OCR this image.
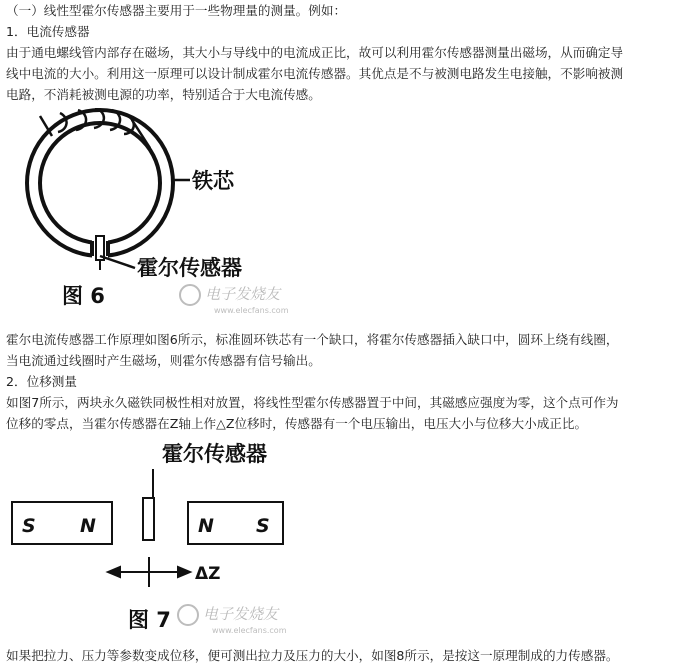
（一）线性型霍尔传感器主要用于一些物理量的测量。例如：
1．电流传感器
由于通电螺线管内部存在磁场，其大小与导线中的电流成正比，故可以利用霍尔传感器测量出磁场，从而确定导
线中电流的大小。利用这一原理可以设计制成霍尔电流传感器。其优点是不与被测电路发生电接触，不影响被测
电路，不消耗被测电源的功率，特别适合于大电流传感。
铁芯
霍尔传感器
图 6	电子发烧友
www.elecfans.com
霍尔电流传感器工作原理如图6所示，标准圆环铁芯有一个缺口，将霍尔传感器插入缺口中，圆环上绕有线圈，
当电流通过线圈时产生磁场，则霍尔传感器有信号输出。
2．位移测量
如图7所示，两块永久磁铁同极性相对放置，将线性型霍尔传感器置于中间，其磁感应强度为零，这个点可作为
位移的零点，当霍尔传感器在Z轴上作△Z位移时，传感器有一个电压输出，电压大小与位移大小成正比。
霍尔传感器
S N	N S
ΔZ
图 7 电子发烧友
www.elecfans.com
如果把拉力、压力等参数变成位移，便可测出拉力及压力的大小，如图8所示，是按这一原理制成的力传感器。
